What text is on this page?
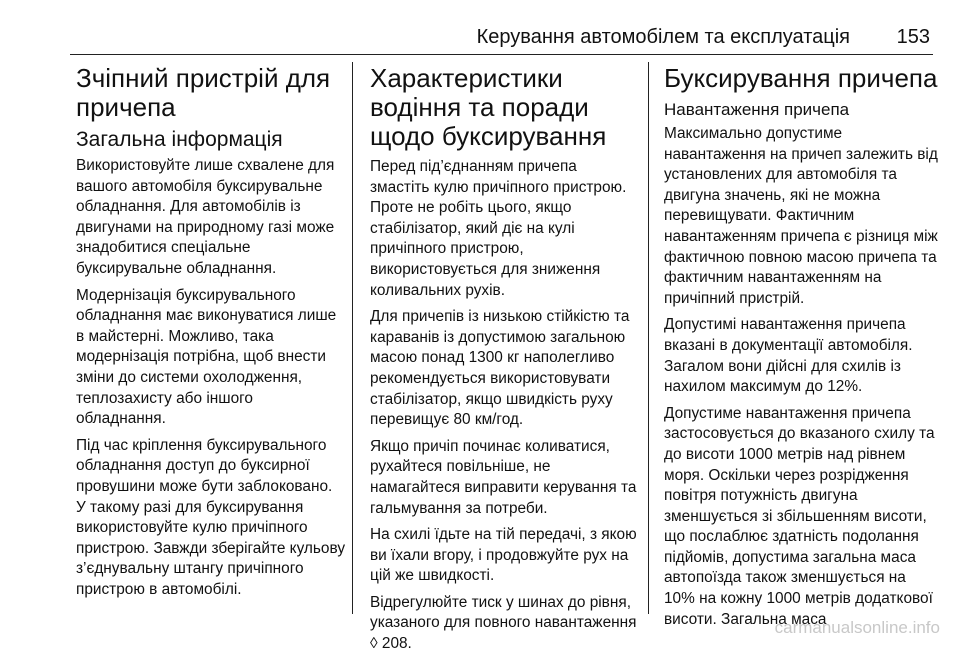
Керування автомобілем та експлуатація 153
Зчіпний пристрій для причепа
Загальна інформація

Використовуйте лише схвалене для вашого автомобіля буксирувальне обладнання. Для автомобілів із двигунами на природному газі може знадобитися спеціальне буксирувальне обладнання.

Модернізація буксирувального обладнання має виконуватися лише в майстерні. Можливо, така модернізація потрібна, щоб внести зміни до системи охолодження, теплозахисту або іншого обладнання.

Під час кріплення буксирувального обладнання доступ до буксирної провушини може бути заблоковано. У такому разі для буксирування використовуйте кулю причіпного пристрою. Завжди зберігайте кульову з’єднувальну штангу причіпного пристрою в автомобілі.

Характеристики водіння та поради щодо буксирування

Перед під’єднанням причепа змастіть кулю причіпного пристрою. Проте не робіть цього, якщо стабілізатор, який діє на кулі причіпного пристрою, використовується для зниження коливальних рухів.

Для причепів із низькою стійкістю та караванів із допустимою загальною масою понад 1300 кг наполегливо рекомендується використовувати стабілізатор, якщо швидкість руху перевищує 80 км/год.

Якщо причіп починає коливатися, рухайтеся повільніше, не намагайтеся виправити керування та гальмування за потреби.

На схилі їдьте на тій передачі, з якою ви їхали вгору, і продовжуйте рух на цій же швидкості.

Відрегулюйте тиск у шинах до рівня, указаного для повного навантаження ◊ 208.

Буксирування причепа
Навантаження причепа

Максимально допустиме навантаження на причеп залежить від установлених для автомобіля та двигуна значень, які не можна перевищувати. Фактичним навантаженням причепа є різниця між фактичною повною масою причепа та фактичним навантаженням на причіпний пристрій.

Допустимі навантаження причепа вказані в документації автомобіля. Загалом вони дійсні для схилів із нахилом максимум до 12%.

Допустиме навантаження причепа застосовується до вказаного схилу та до висоти 1000 метрів над рівнем моря. Оскільки через розрідження повітря потужність двигуна зменшується зі збільшенням висоти, що послаблює здатність подолання підйомів, допустима загальна маса автопоїзда також зменшується на 10% на кожну 1000 метрів додаткової висоти. Загальна маса

carmanualsonline.info
